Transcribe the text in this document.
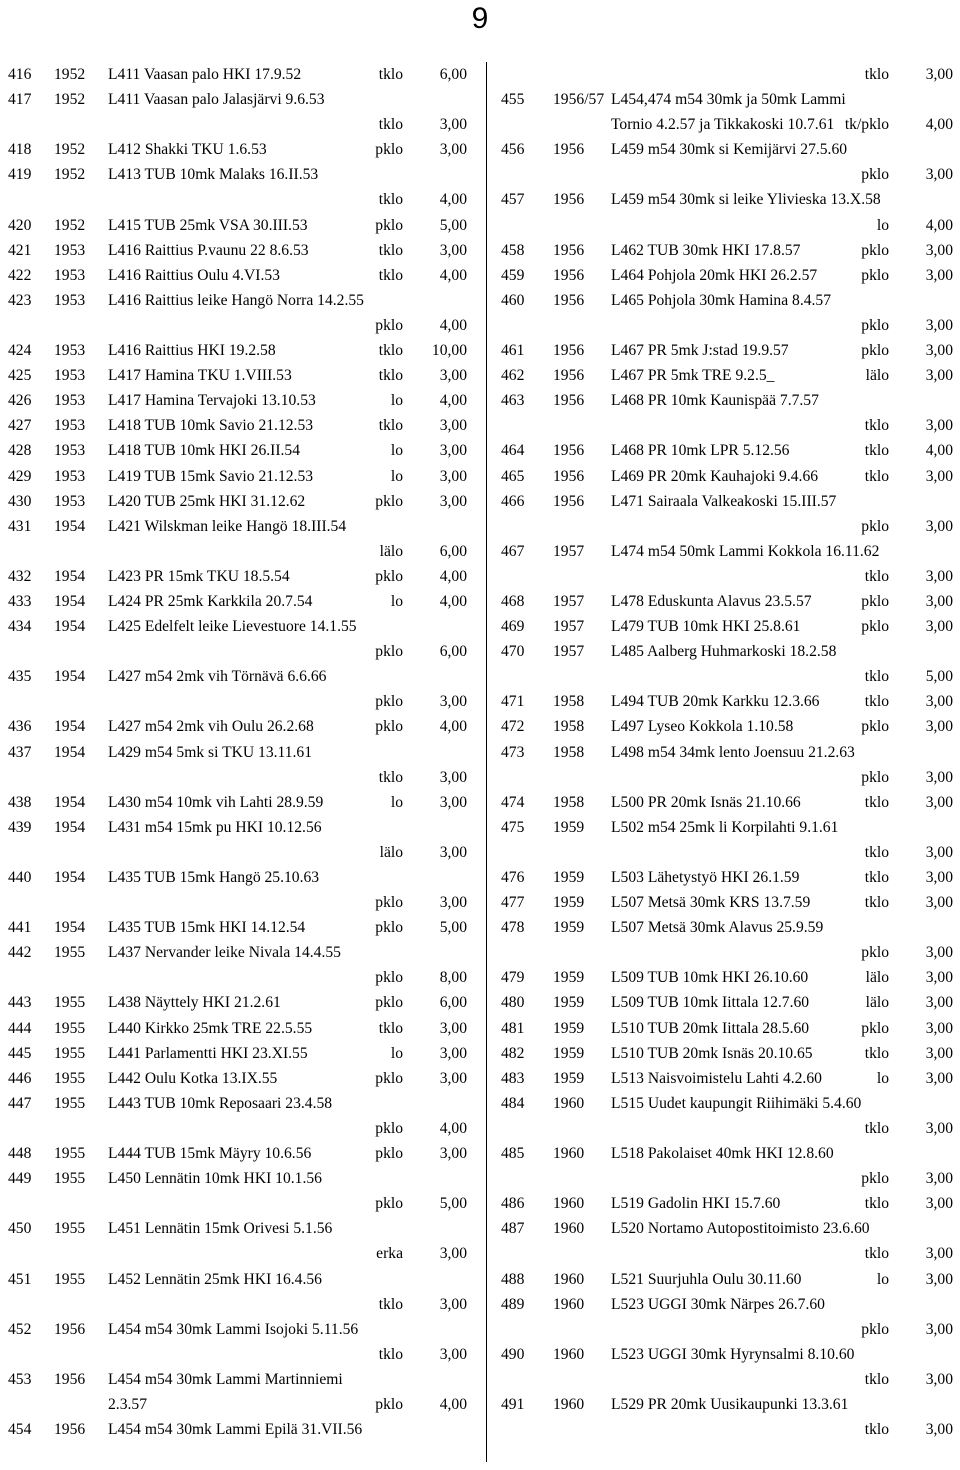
9
416	1952	L411 Vaasan palo HKI 17.9.52	tklo	6,00
417	1952	L411 Vaasan palo Jalasjärvi 9.6.53
tklo	3,00
418	1952	L412 Shakki TKU 1.6.53	pklo	3,00
419	1952	L413 TUB 10mk Malaks 16.II.53
tklo	4,00
420	1952	L415 TUB 25mk VSA 30.III.53	pklo	5,00
421	1953	L416 Raittius P.vaunu 22 8.6.53	tklo	3,00
422	1953	L416 Raittius Oulu 4.VI.53	tklo	4,00
423	1953	L416 Raittius leike Hangö Norra 14.2.55
pklo	4,00
424	1953	L416 Raittius HKI 19.2.58	tklo	10,00
425	1953	L417 Hamina TKU 1.VIII.53	tklo	3,00
426	1953	L417 Hamina Tervajoki 13.10.53	lo	4,00
427	1953	L418 TUB 10mk Savio 21.12.53	tklo	3,00
428	1953	L418 TUB 10mk HKI 26.II.54	lo	3,00
429	1953	L419 TUB 15mk Savio 21.12.53	lo	3,00
430	1953	L420 TUB 25mk HKI 31.12.62	pklo	3,00
431	1954	L421 Wilskman leike Hangö 18.III.54
lälo	6,00
432	1954	L423 PR 15mk TKU 18.5.54	pklo	4,00
433	1954	L424 PR 25mk Karkkila 20.7.54	lo	4,00
434	1954	L425 Edelfelt leike Lievestuore 14.1.55
pklo	6,00
435	1954	L427 m54 2mk vih Törnävä 6.6.66
pklo	3,00
436	1954	L427 m54 2mk vih Oulu 26.2.68	pklo	4,00
437	1954	L429 m54 5mk si TKU 13.11.61
tklo	3,00
438	1954	L430 m54 10mk vih Lahti 28.9.59	lo	3,00
439	1954	L431 m54 15mk pu HKI 10.12.56
lälo	3,00
440	1954	L435 TUB 15mk Hangö 25.10.63
pklo	3,00
441	1954	L435 TUB 15mk HKI 14.12.54	pklo	5,00
442	1955	L437 Nervander leike Nivala 14.4.55
pklo	8,00
443	1955	L438 Näyttely HKI 21.2.61	pklo	6,00
444	1955	L440 Kirkko 25mk TRE 22.5.55	tklo	3,00
445	1955	L441 Parlamentti HKI 23.XI.55	lo	3,00
446	1955	L442 Oulu Kotka 13.IX.55	pklo	3,00
447	1955	L443 TUB 10mk Reposaari 23.4.58
pklo	4,00
448	1955	L444 TUB 15mk Mäyry 10.6.56	pklo	3,00
449	1955	L450 Lennätin 10mk HKI 10.1.56
pklo	5,00
450	1955	L451 Lennätin 15mk Orivesi 5.1.56
erka	3,00
451	1955	L452 Lennätin 25mk HKI 16.4.56
tklo	3,00
452	1956	L454 m54 30mk Lammi Isojoki 5.11.56
tklo	3,00
453	1956	L454 m54 30mk Lammi Martinniemi
2.3.57	pklo	4,00
454	1956	L454 m54 30mk Lammi Epilä 31.VII.56
tklo	3,00
455	1956/57 L454,474 m54 30mk ja 50mk Lammi
Tornio 4.2.57 ja Tikkakoski 10.7.61 tk/pklo	4,00
456	1956	L459 m54 30mk si Kemijärvi 27.5.60
pklo	3,00
457	1956	L459 m54 30mk si leike Ylivieska 13.X.58
lo	4,00
458	1956	L462 TUB 30mk HKI 17.8.57	pklo	3,00
459	1956	L464 Pohjola 20mk HKI 26.2.57	pklo	3,00
460	1956	L465 Pohjola 30mk Hamina 8.4.57
pklo	3,00
461	1956	L467 PR 5mk J:stad 19.9.57	pklo	3,00
462	1956	L467 PR 5mk TRE 9.2.5_	lälo	3,00
463	1956	L468 PR 10mk Kaunispää 7.7.57
tklo	3,00
464	1956	L468 PR 10mk LPR 5.12.56	tklo	4,00
465	1956	L469 PR 20mk Kauhajoki 9.4.66	tklo	3,00
466	1956	L471 Sairaala Valkeakoski 15.III.57
pklo	3,00
467	1957	L474 m54 50mk Lammi Kokkola 16.11.62
tklo	3,00
468	1957	L478 Eduskunta Alavus 23.5.57	pklo	3,00
469	1957	L479 TUB 10mk HKI 25.8.61	pklo	3,00
470	1957	L485 Aalberg Huhmarkoski 18.2.58
tklo	5,00
471	1958	L494 TUB 20mk Karkku 12.3.66	tklo	3,00
472	1958	L497 Lyseo Kokkola 1.10.58	pklo	3,00
473	1958	L498 m54 34mk lento Joensuu 21.2.63
pklo	3,00
474	1958	L500 PR 20mk Isnäs 21.10.66	tklo	3,00
475	1959	L502 m54 25mk li Korpilahti 9.1.61
tklo	3,00
476	1959	L503 Lähetystyö HKI 26.1.59	tklo	3,00
477	1959	L507 Metsä 30mk KRS 13.7.59	tklo	3,00
478	1959	L507 Metsä 30mk Alavus 25.9.59
pklo	3,00
479	1959	L509 TUB 10mk HKI 26.10.60	lälo	3,00
480	1959	L509 TUB 10mk Iittala 12.7.60	lälo	3,00
481	1959	L510 TUB 20mk Iittala 28.5.60	pklo	3,00
482	1959	L510 TUB 20mk Isnäs 20.10.65	tklo	3,00
483	1959	L513 Naisvoimistelu Lahti 4.2.60	lo	3,00
484	1960	L515 Uudet kaupungit Riihimäki 5.4.60
tklo	3,00
485	1960	L518 Pakolaiset 40mk HKI 12.8.60
pklo	3,00
486	1960	L519 Gadolin HKI 15.7.60	tklo	3,00
487	1960	L520 Nortamo Autopostitoimisto 23.6.60
tklo	3,00
488	1960	L521 Suurjuhla Oulu 30.11.60	lo	3,00
489	1960	L523 UGGI 30mk Närpes 26.7.60
pklo	3,00
490	1960	L523 UGGI 30mk Hyrynsalmi 8.10.60
tklo	3,00
491	1960	L529 PR 20mk Uusikaupunki 13.3.61
tklo	3,00
